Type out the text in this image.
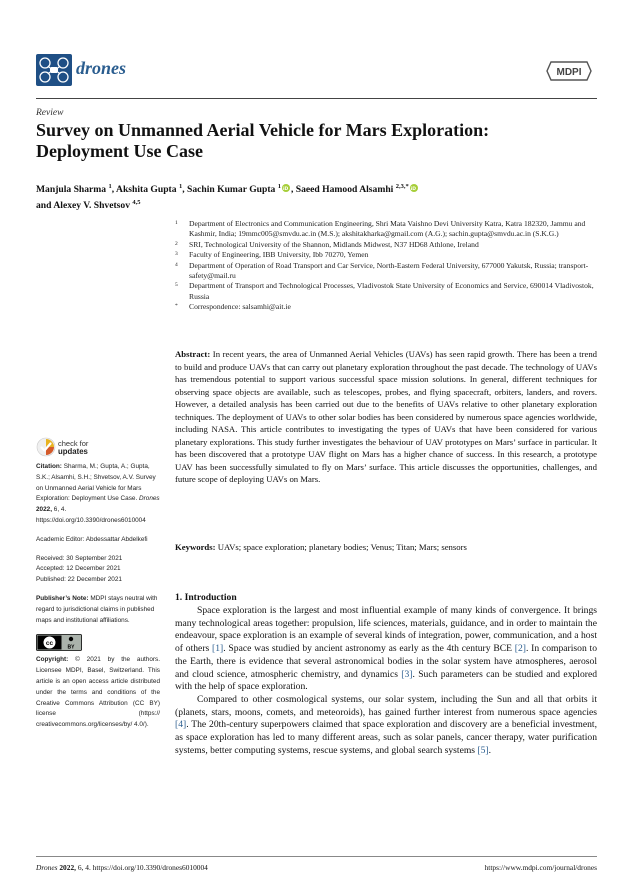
drones	MDPI
Review
Survey on Unmanned Aerial Vehicle for Mars Exploration: Deployment Use Case
Manjula Sharma $^1$, Akshita Gupta $^1$, Sachin Kumar Gupta $^1$iD , Saeed Hamood Alsamhi $^{2,3,*}$iD
and Alexey V. Shvetsov $^{4,5}$
1 Department of Electronics and Communication Engineering, Shri Mata Vaishno Devi University Katra, Katra 182320, Jammu and Kashmir, India; 19mmc005@smvdu.ac.in (M.S.); akshitakharka@gmail.com (A.G.); sachin.gupta@smvdu.ac.in (S.K.G.)
2 SRI, Technological University of the Shannon, Midlands Midwest, N37 HD68 Athlone, Ireland
3 Faculty of Engineering, IBB University, Ibb 70270, Yemen
4 Department of Operation of Road Transport and Car Service, North-Eastern Federal University, 677000 Yakutsk, Russia; transport-safety@mail.ru
5 Department of Transport and Technological Processes, Vladivostok State University of Economics and Service, 690014 Vladivostok, Russia
* Correspondence: salsamhi@ait.ie
Abstract: In recent years, the area of Unmanned Aerial Vehicles (UAVs) has seen rapid growth. There has been a trend to build and produce UAVs that can carry out planetary exploration throughout the past decade. The technology of UAVs has tremendous potential to support various successful space mission solutions. In general, different techniques for observing space objects are available, such as telescopes, probes, and flying spacecraft, orbiters, landers, and rovers. However, a detailed analysis has been carried out due to the benefits of UAVs relative to other planetary exploration techniques. The deployment of UAVs to other solar bodies has been considered by numerous space agencies worldwide, including NASA. This article contributes to investigating the types of UAVs that have been considered for various planetary explorations. This study further investigates the behaviour of UAV prototypes on Mars’ surface in particular. It has been discovered that a prototype UAV flight on Mars has a higher chance of success. In this research, a prototype UAV has been successfully simulated to fly on Mars’ surface. This article discusses the opportunities, challenges, and future scope of deploying UAVs on Mars.
Keywords: UAVs; space exploration; planetary bodies; Venus; Titan; Mars; sensors
check for
updates
Citation: Sharma, M.; Gupta, A.; Gupta, S.K.; Alsamhi, S.H.; Shvetsov, A.V. Survey on Unmanned Aerial Vehicle for Mars Exploration: Deployment Use Case. Drones 2022, 6, 4. https://doi.org/10.3390/drones6010004
Academic Editor: Abdessattar Abdelkefi
Received: 30 September 2021
Accepted: 12 December 2021
Published: 22 December 2021
Publisher’s Note: MDPI stays neutral with regard to jurisdictional claims in published maps and institutional affiliations.
cc
BY
Copyright: © 2021 by the authors. Licensee MDPI, Basel, Switzerland. This article is an open access article distributed under the terms and conditions of the Creative Commons Attribution (CC BY) license (https:// creativecommons.org/licenses/by/ 4.0/).
1. Introduction

Space exploration is the largest and most influential example of many kinds of convergence. It brings many technological areas together: propulsion, life sciences, materials, guidance, and in order to maintain the endeavour, space exploration is an example of several kinds of integration, power, communication, and a host of others [1]. Space was studied by ancient astronomy as early as the 4th century BCE [2]. In comparison to the Earth, there is evidence that several astronomical bodies in the solar system have atmospheres, aerosol and cloud science, atmospheric chemistry, and dynamics [3]. Such parameters can be studied and explored with the help of space exploration.

Compared to other cosmological systems, our solar system, including the Sun and all that orbits it (planets, stars, moons, comets, and meteoroids), has gained further interest from numerous space agencies [4]. The 20th-century superpowers claimed that space exploration and discovery are a beneficial investment, as space exploration has led to many different areas, such as solar panels, cancer therapy, water purification systems, better computing systems, rescue systems, and global search systems [5].

Drones 2022, 6, 4. https://doi.org/10.3390/drones6010004	https://www.mdpi.com/journal/drones
